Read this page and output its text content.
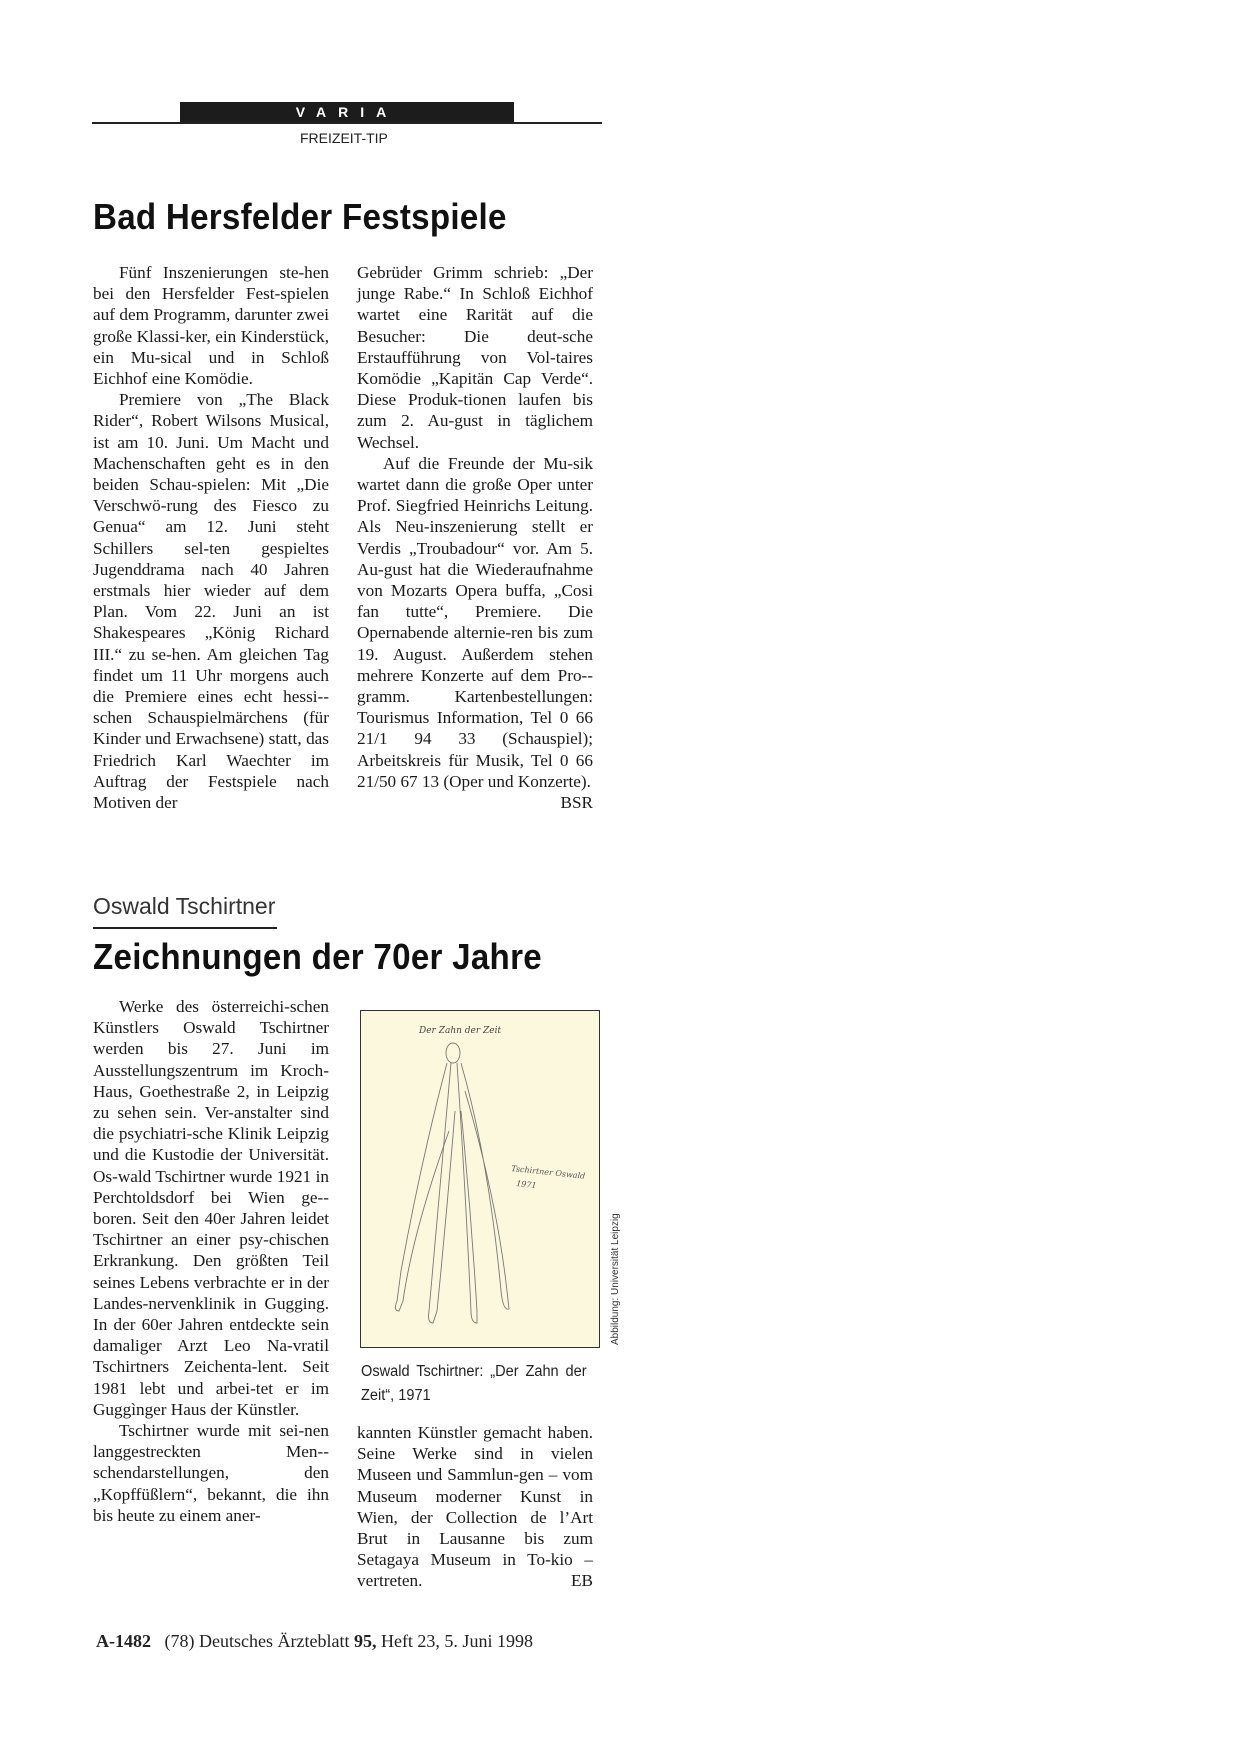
VARIA
FREIZEIT-TIP
Bad Hersfelder Festspiele

Fünf Inszenierungen ste-hen bei den Hersfelder Fest-spielen auf dem Programm, darunter zwei große Klassi-ker, ein Kinderstück, ein Mu-sical und in Schloß Eichhof eine Komödie.

Premiere von „The Black Rider“, Robert Wilsons Musical, ist am 10. Juni. Um Macht und Machenschaften geht es in den beiden Schau-spielen: Mit „Die Verschwö-rung des Fiesco zu Genua“ am 12. Juni steht Schillers sel-ten gespieltes Jugenddrama nach 40 Jahren erstmals hier wieder auf dem Plan. Vom 22. Juni an ist Shakespeares „König Richard III.“ zu se-hen. Am gleichen Tag findet um 11 Uhr morgens auch die Premiere eines echt hessi-schen Schauspielmärchens (für Kinder und Erwachsene) statt, das Friedrich Karl Waechter im Auftrag der Festspiele nach Motiven der

Gebrüder Grimm schrieb: „Der junge Rabe.“ In Schloß Eichhof wartet eine Rarität auf die Besucher: Die deut-sche Erstaufführung von Vol-taires Komödie „Kapitän Cap Verde“. Diese Produk-tionen laufen bis zum 2. Au-gust in täglichem Wechsel.

Auf die Freunde der Mu-sik wartet dann die große Oper unter Prof. Siegfried Heinrichs Leitung. Als Neu-inszenierung stellt er Verdis „Troubadour“ vor. Am 5. Au-gust hat die Wiederaufnahme von Mozarts Opera buffa, „Cosi fan tutte“, Premiere. Die Opernabende alternie-ren bis zum 19. August. Außerdem stehen mehrere Konzerte auf dem Pro-gramm. Kartenbestellungen: Tourismus Information, Tel 0 66 21/1 94 33 (Schauspiel); Arbeitskreis für Musik, Tel 0 66 21/50 67 13 (Oper und Konzerte).
BSR

Oswald Tschirtner
Zeichnungen der 70er Jahre

Werke des österreichi-schen Künstlers Oswald Tschirtner werden bis 27. Juni im Ausstellungszentrum im Kroch-Haus, Goethestraße 2, in Leipzig zu sehen sein. Ver-anstalter sind die psychiatri-sche Klinik Leipzig und die Kustodie der Universität. Os-wald Tschirtner wurde 1921 in Perchtoldsdorf bei Wien ge-boren. Seit den 40er Jahren leidet Tschirtner an einer psy-chischen Erkrankung. Den größten Teil seines Lebens verbrachte er in der Landes-nervenklinik in Gugging. In der 60er Jahren entdeckte sein damaliger Arzt Leo Na-vratil Tschirtners Zeichenta-lent. Seit 1981 lebt und arbei-tet er im Guggìnger Haus der Künstler.

Tschirtner wurde mit sei-nen langgestreckten Men-schendarstellungen, den „Kopffüßlern“, bekannt, die ihn bis heute zu einem aner-

Der Zahn der Zeit
Tschirtner Oswald
1971
Abbildung: Universität Leipzig
Oswald Tschirtner: „Der Zahn der Zeit“, 1971

kannten Künstler gemacht haben. Seine Werke sind in vielen Museen und Sammlun-gen – vom Museum moderner Kunst in Wien, der Collection de l’Art Brut in Lausanne bis zum Setagaya Museum in To-kio – vertreten.	EB

A-1482 (78) Deutsches Ärzteblatt 95, Heft 23, 5. Juni 1998
